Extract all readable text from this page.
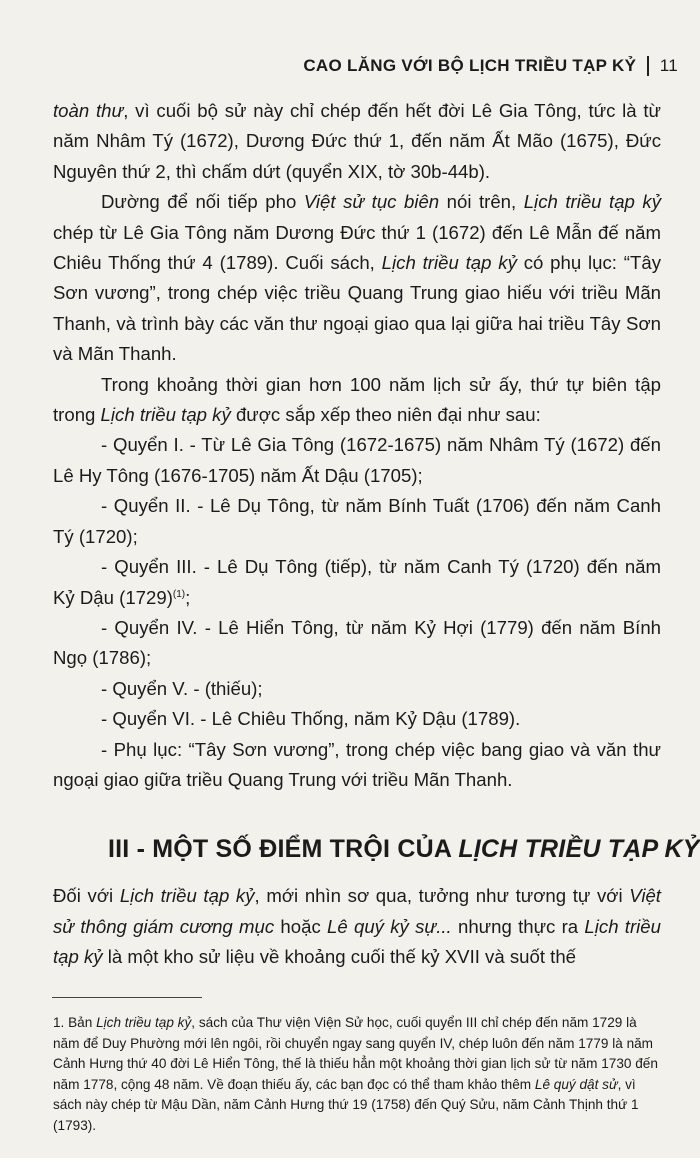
CAO LĂNG VỚI BỘ LỊCH TRIỀU TẠP KỶ 11

toàn thư, vì cuối bộ sử này chỉ chép đến hết đời Lê Gia Tông, tức là từ năm Nhâm Tý (1672), Dương Đức thứ 1, đến năm Ất Mão (1675), Đức Nguyên thứ 2, thì chấm dứt (quyển XIX, tờ 30b-44b).

Dường để nối tiếp pho Việt sử tục biên nói trên, Lịch triều tạp kỷ chép từ Lê Gia Tông năm Dương Đức thứ 1 (1672) đến Lê Mẫn đế năm Chiêu Thống thứ 4 (1789). Cuối sách, Lịch triều tạp kỷ có phụ lục: “Tây Sơn vương”, trong chép việc triều Quang Trung giao hiếu với triều Mãn Thanh, và trình bày các văn thư ngoại giao qua lại giữa hai triều Tây Sơn và Mãn Thanh.

Trong khoảng thời gian hơn 100 năm lịch sử ấy, thứ tự biên tập trong Lịch triều tạp kỷ được sắp xếp theo niên đại như sau:

- Quyển I. - Từ Lê Gia Tông (1672-1675) năm Nhâm Tý (1672) đến Lê Hy Tông (1676-1705) năm Ất Dậu (1705);

- Quyển II. - Lê Dụ Tông, từ năm Bính Tuất (1706) đến năm Canh Tý (1720);

- Quyển III. - Lê Dụ Tông (tiếp), từ năm Canh Tý (1720) đến năm Kỷ Dậu $(1729)^{(1)}$;

- Quyển IV. - Lê Hiển Tông, từ năm Kỷ Hợi (1779) đến năm Bính Ngọ (1786);

- Quyển V. - (thiếu);

- Quyển VI. - Lê Chiêu Thống, năm Kỷ Dậu (1789).

- Phụ lục: “Tây Sơn vương”, trong chép việc bang giao và văn thư ngoại giao giữa triều Quang Trung với triều Mãn Thanh.

III - MỘT SỐ ĐIỂM TRỘI CỦA LỊCH TRIỀU TẠP KỶ

Đối với Lịch triều tạp kỷ, mới nhìn sơ qua, tưởng như tương tự với Việt sử thông giám cương mục hoặc Lê quý kỷ sự... nhưng thực ra Lịch triều tạp kỷ là một kho sử liệu về khoảng cuối thế kỷ XVII và suốt thế

1. Bản Lịch triều tạp kỷ, sách của Thư viện Viện Sử học, cuối quyển III chỉ chép đến năm 1729 là năm để Duy Phường mới lên ngôi, rồi chuyển ngay sang quyển IV, chép luôn đến năm 1779 là năm Cảnh Hưng thứ 40 đời Lê Hiển Tông, thế là thiếu hẳn một khoảng thời gian lịch sử từ năm 1730 đến năm 1778, cộng 48 năm. Về đoạn thiếu ấy, các bạn đọc có thể tham khảo thêm Lê quý dật sử, vì sách này chép từ Mậu Dần, năm Cảnh Hưng thứ 19 (1758) đến Quý Sửu, năm Cảnh Thịnh thứ 1 (1793).
